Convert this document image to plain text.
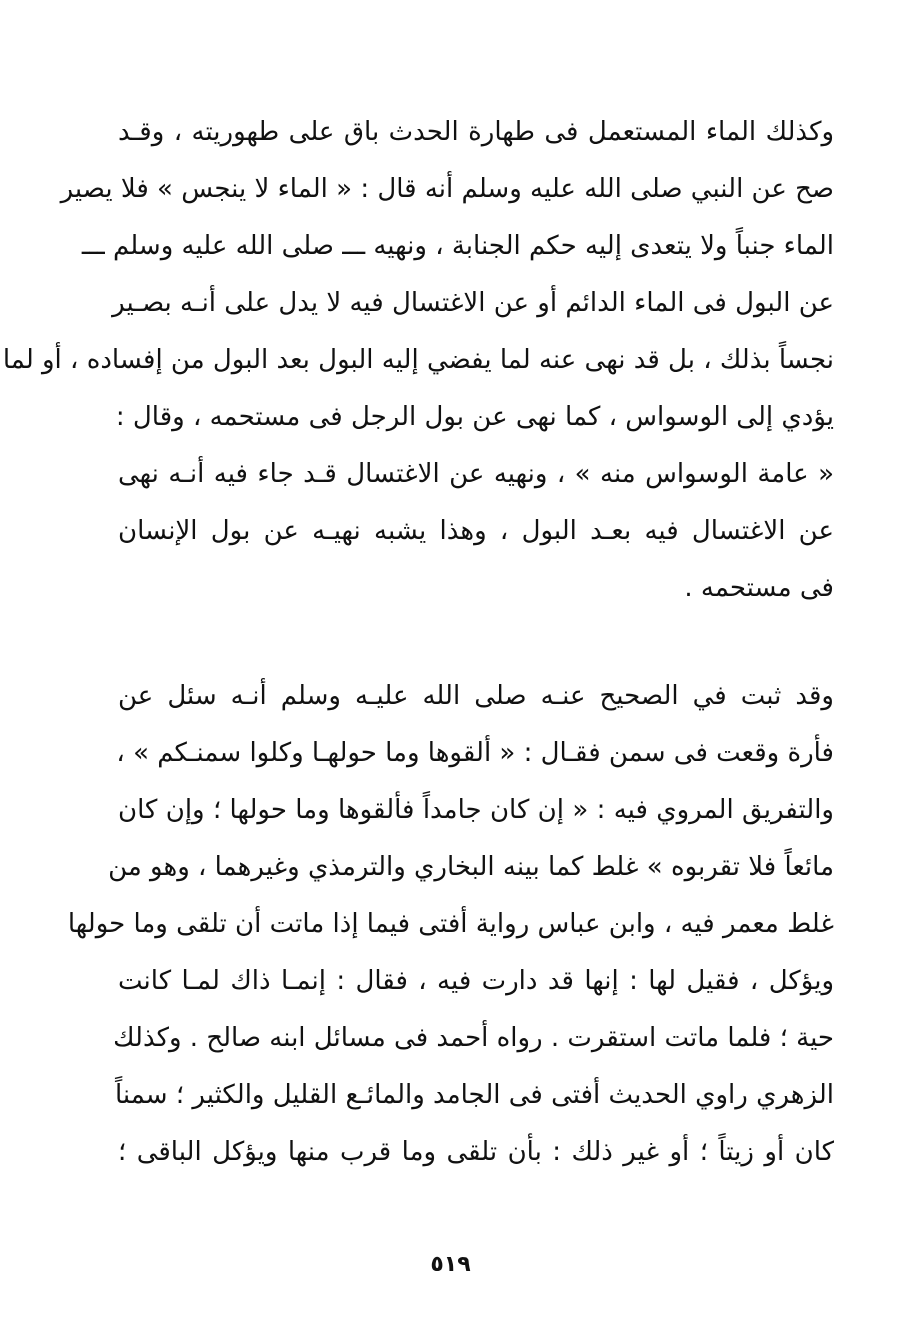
وكذلك الماء المستعمل فى طهارة الحدث باق على طهوريته ، وقـد
صح عن النبي صلى الله عليه وسلم أنه قال : « الماء لا ينجس » فلا يصير
الماء جنباً ولا يتعدى إليه حكم الجنابة ، ونهيه ـــ صلى الله عليه وسلم ـــ
عن البول فى الماء الدائم أو عن الاغتسال فيه لا يدل على أنـه بصـير
نجساً بذلك ، بل قد نهى عنه لما يفضي إليه البول بعد البول من إفساده ، أو لما
يؤدي إلى الوسواس ، كما نهى عن بول الرجل فى مستحمه ، وقال :
« عامة الوسواس منه » ، ونهيه عن الاغتسال قـد جاء فيه أنـه نهى
عن الاغتسال فيه بعـد البول ، وهذا يشبه نهيـه عن بول الإنسان
فى مستحمه .
وقد ثبت في الصحيح عنـه صلى الله عليـه وسلم أنـه سئل عن
فأرة وقعت فى سمن فقـال : « ألقوها وما حولهـا وكلوا سمنـكم » ،
والتفريق المروي فيه : « إن كان جامداً فألقوها وما حولها ؛ وإن كان
مائعاً فلا تقربوه » غلط كما بينه البخاري والترمذي وغيرهما ، وهو من
غلط معمر فيه ، وابن عباس رواية أفتى فيما إذا ماتت أن تلقى وما حولها
ويؤكل ، فقيل لها : إنها قد دارت فيه ، فقال : إنمـا ذاك لمـا كانت
حية ؛ فلما ماتت استقرت . رواه أحمد فى مسائل ابنه صالح . وكذلك
الزهري راوي الحديث أفتى فى الجامد والمائـع القليل والكثير ؛ سمناً
كان أو زيتاً ؛ أو غير ذلك : بأن تلقى وما قرب منها ويؤكل الباقى ؛
٥١٩
